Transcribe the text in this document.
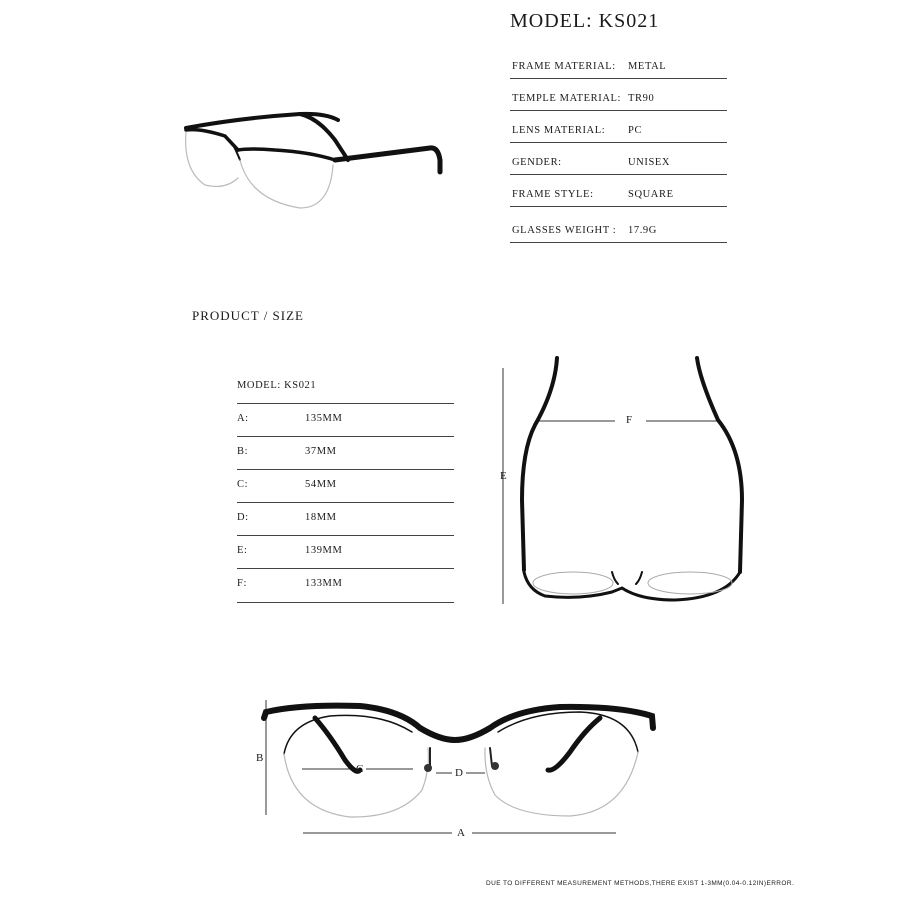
MODEL: KS021
FRAME MATERIAL: METAL
TEMPLE MATERIAL: TR90
LENS MATERIAL: PC
GENDER:	UNISEX
FRAME STYLE:	SQUARE
GLASSES WEIGHT : 17.9G
PRODUCT / SIZE
MODEL: KS021
A:	135MM
B:	37MM
C:	54MM
D:	18MM
E:	139MM
F:	133MM
E
F
B
C	D
A
DUE TO DIFFERENT MEASUREMENT METHODS,THERE EXIST 1-3MM(0.04-0.12IN)ERROR.
